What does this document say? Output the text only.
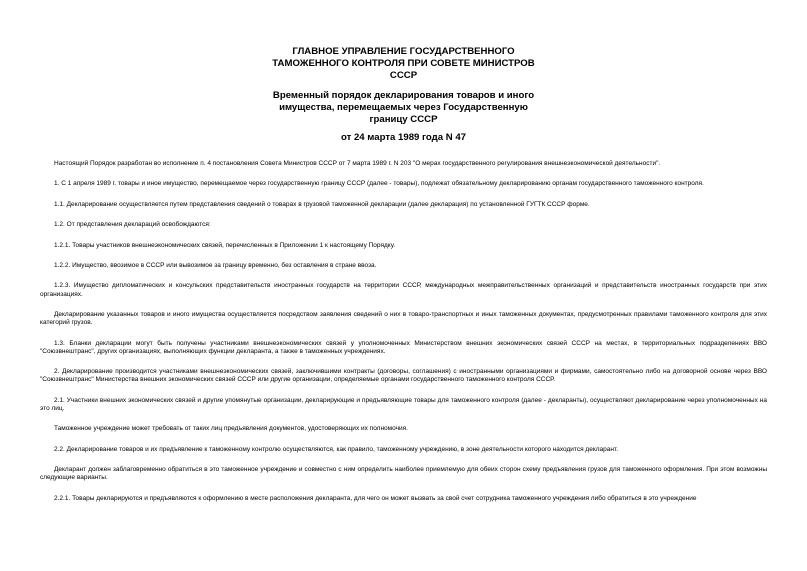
ГЛАВНОЕ УПРАВЛЕНИЕ ГОСУДАРСТВЕННОГО
ТАМОЖЕННОГО КОНТРОЛЯ ПРИ СОВЕТЕ МИНИСТРОВ
СССР
Временный порядок декларирования товаров и иного
имущества, перемещаемых через Государственную
границу СССР
от 24 марта 1989 года N 47

Настоящий Порядок разработан во исполнение п. 4 постановления Совета Министров СССР от 7 марта 1989 г. N 203 "О мерах государственного регулирования внешнеэкономической деятельности".

1. С 1 апреля 1989 г. товары и иное имущество, перемещаемое через государственную границу СССР (далее - товары), подлежат обязательному декларированию органам государственного таможенного контроля.

1.1. Декларирование осуществляется путем представления сведений о товарах в грузовой таможенной декларации (далее декларация) по установленной ГУГТК СССР форме.

1.2. От представления деклараций освобождаются:

1.2.1. Товары участников внешнеэкономических связей, перечисленных в Приложении 1 к настоящему Порядку.

1.2.2. Имущество, ввозимое в СССР или вывозимое за границу временно, без оставления в стране ввоза.

1.2.3. Имущество дипломатических и консульских представительств иностранных государств на территории СССР, международных межправительственных организаций и представительств иностранных государств при этих организациях.

Декларирование указанных товаров и иного имущества осуществляется посредством заявления сведений о них в товаро-транспортных и иных таможенных документах, предусмотренных правилами таможенного контроля для этих категорий грузов.

1.3. Бланки декларации могут быть получены участниками внешнеэкономических связей у уполномоченных Министерством внешних экономических связей СССР на местах, в территориальных подразделениях ВВО "Союзвнештранс", других организациях, выполняющих функции декларанта, а также в таможенных учреждениях.

2. Декларирование производится участниками внешнеэкономических связей, заключившими контракты (договоры, соглашения) с иностранными организациями и фирмами, самостоятельно либо на договорной основе через ВВО "Союзвнештранс" Министерства внешних экономических связей СССР или другие организации, определяемые органами государственного таможенного контроля СССР.

2.1. Участники внешних экономических связей и другие упомянутые организации, декларирующие и предъявляющие товары для таможенного контроля (далее - декларанты), осуществляют декларирование через уполномоченных на это лиц.

Таможенное учреждение может требовать от таких лиц предъявления документов, удостоверяющих их полномочия.

2.2. Декларирование товаров и их предъявление к таможенному контролю осуществляются, как правило, таможенному учреждению, в зоне деятельности которого находится декларант.

Декларант должен заблаговременно обратиться в это таможенное учреждение и совместно с ним определить наиболее приемлемую для обеих сторон схему предъявления грузов для таможенного оформления. При этом возможны следующие варианты.

2.2.1. Товары декларируются и предъявляются к оформлению в месте расположения декларанта, для чего он может вызвать за свой счет сотрудника таможенного учреждения либо обратиться в это учреждение
